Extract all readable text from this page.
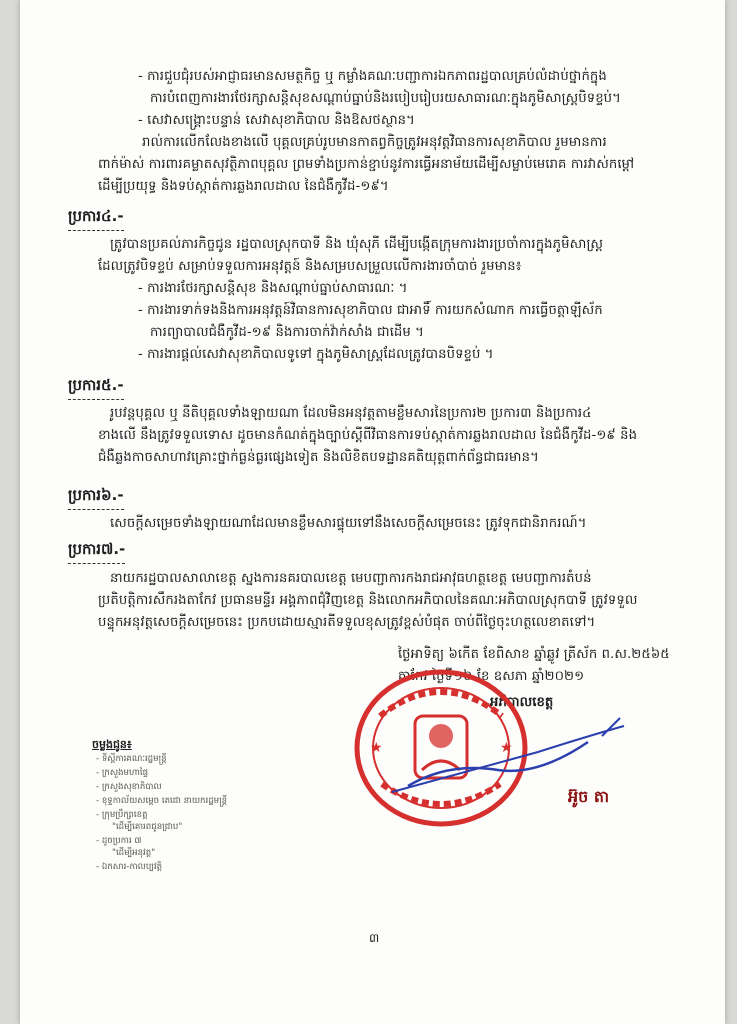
- ការជួបជុំរបស់អាជ្ញាធរមានសមត្ថកិច្ច ឬ កម្លាំងគណៈបញ្ជាការឯកភាពរដ្ឋបាលគ្រប់លំដាប់ថ្នាក់ក្នុង
ការបំពេញការងារថែរក្សាសន្តិសុខសណ្តាប់ធ្នាប់និងរបៀបរៀបរយសាធារណៈក្នុងភូមិសាស្ត្របិទខ្ទប់។
- សេវាសង្គ្រោះបន្ទាន់ សេវាសុខាភិបាល និងឱសថស្ថាន។
រាល់ការលើកលែងខាងលើ បុគ្គលគ្រប់រូបមានកាតព្វកិច្ចត្រូវអនុវត្តវិធានការសុខាភិបាល រួមមានការ
ពាក់ម៉ាស់ ការពារគម្លាតសុវត្ថិភាពបុគ្គល ព្រមទាំងប្រកាន់ខ្ជាប់នូវការធ្វើអនាម័យដើម្បីសម្លាប់មេរោគ ការវាស់កម្តៅ
ដើម្បីប្រយុទ្ធ និងទប់ស្កាត់ការឆ្លងរាលដាល នៃជំងឺកូវីដ-១៩។
ប្រការ៤.-
ត្រូវបានប្រគល់ភារកិច្ចជូន រដ្ឋបាលស្រុកបាទី និង ឃុំសុភី ដើម្បីបង្កើតក្រុមការងារប្រចាំការក្នុងភូមិសាស្ត្រ
ដែលត្រូវបិទខ្ទប់ សម្រាប់ទទួលការអនុវត្តន៍ និងសម្របសម្រួលលើការងារចាំបាច់ រួមមាន៖
- ការងារថែរក្សាសន្តិសុខ និងសណ្តាប់ធ្នាប់សាធារណៈ ។
- ការងារទាក់ទងនិងការអនុវត្តន៍វិធានការសុខាភិបាល ជាអាទិ៍ ការយកសំណាក ការធ្វើចត្តាឡីស័ក
ការព្យាបាលជំងឺកូវីដ-១៩ និងការចាក់វ៉ាក់សាំង ជាដើម ។
- ការងារផ្តល់សេវាសុខាភិបាលទូទៅ ក្នុងភូមិសាស្ត្រដែលត្រូវបានបិទខ្ទប់ ។
ប្រការ៥.-
រូបវន្តបុគ្គល ឬ នីតិបុគ្គលទាំងឡាយណា ដែលមិនអនុវត្តតាមខ្លឹមសារនៃប្រការ២ ប្រការ៣ និងប្រការ៤
ខាងលើ នឹងត្រូវទទួលទោស ដូចមានកំណត់ក្នុងច្បាប់ស្តីពីវិធានការទប់ស្កាត់ការឆ្លងរាលដាល នៃជំងឺកូវីដ-១៩ និង
ជំងឺឆ្លងកាចសាហាវគ្រោះថ្នាក់ធ្ងន់ធ្ងរផ្សេងទៀត និងលិខិតបទដ្ឋានគតិយុត្តពាក់ព័ន្ធជាធរមាន។
ប្រការ៦.-
សេចក្តីសម្រេចទាំងឡាយណាដែលមានខ្លឹមសារផ្ទុយទៅនឹងសេចក្តីសម្រេចនេះ ត្រូវទុកជានិរាករណ៍។
ប្រការ៧.-
នាយករដ្ឋបាលសាលាខេត្ត ស្នងការនគរបាលខេត្ត មេបញ្ជាការកងរាជអាវុធហត្ថខេត្ត មេបញ្ជាការតំបន់
ប្រតិបត្តិការសឹករងតាកែវ ប្រធានមន្ទីរ អង្គភាពជុំវិញខេត្ត និងលោកអភិបាលនៃគណៈអភិបាលស្រុកបាទី ត្រូវទទួល
បន្ទុកអនុវត្តសេចក្តីសម្រេចនេះ ប្រកបដោយស្មារតីទទួលខុសត្រូវខ្ពស់បំផុត ចាប់ពីថ្ងៃចុះហត្ថលេខាតទៅ។
ថ្ងៃអាទិត្យ ៦កើត ខែពិសាខ ឆ្នាំឆ្លូវ ត្រីស័ក ព.ស.២៥៦៥
តាកែវ ថ្ងៃទី១៦ ខែ ឧសភា ឆ្នាំ២០២១
អភិបាលខេត្ត
★	★
អ៊ូច តា
ចម្លងជូន៖
- ទីស្តីការគណៈរដ្ឋមន្ត្រី
- ក្រសួងមហាផ្ទៃ
- ក្រសួងសុខាភិបាល
- ខុទ្ទកាល័យសម្តេច តេជោ នាយករដ្ឋមន្ត្រី
- ក្រុមប្រឹក្សាខេត្ត
"ដើម្បីគោរពជូនជ្រាប"
- ដូចប្រការ ៧
"ដើម្បីអនុវត្ត"
- ឯកសារ-កាលប្បវត្តិ
៣
